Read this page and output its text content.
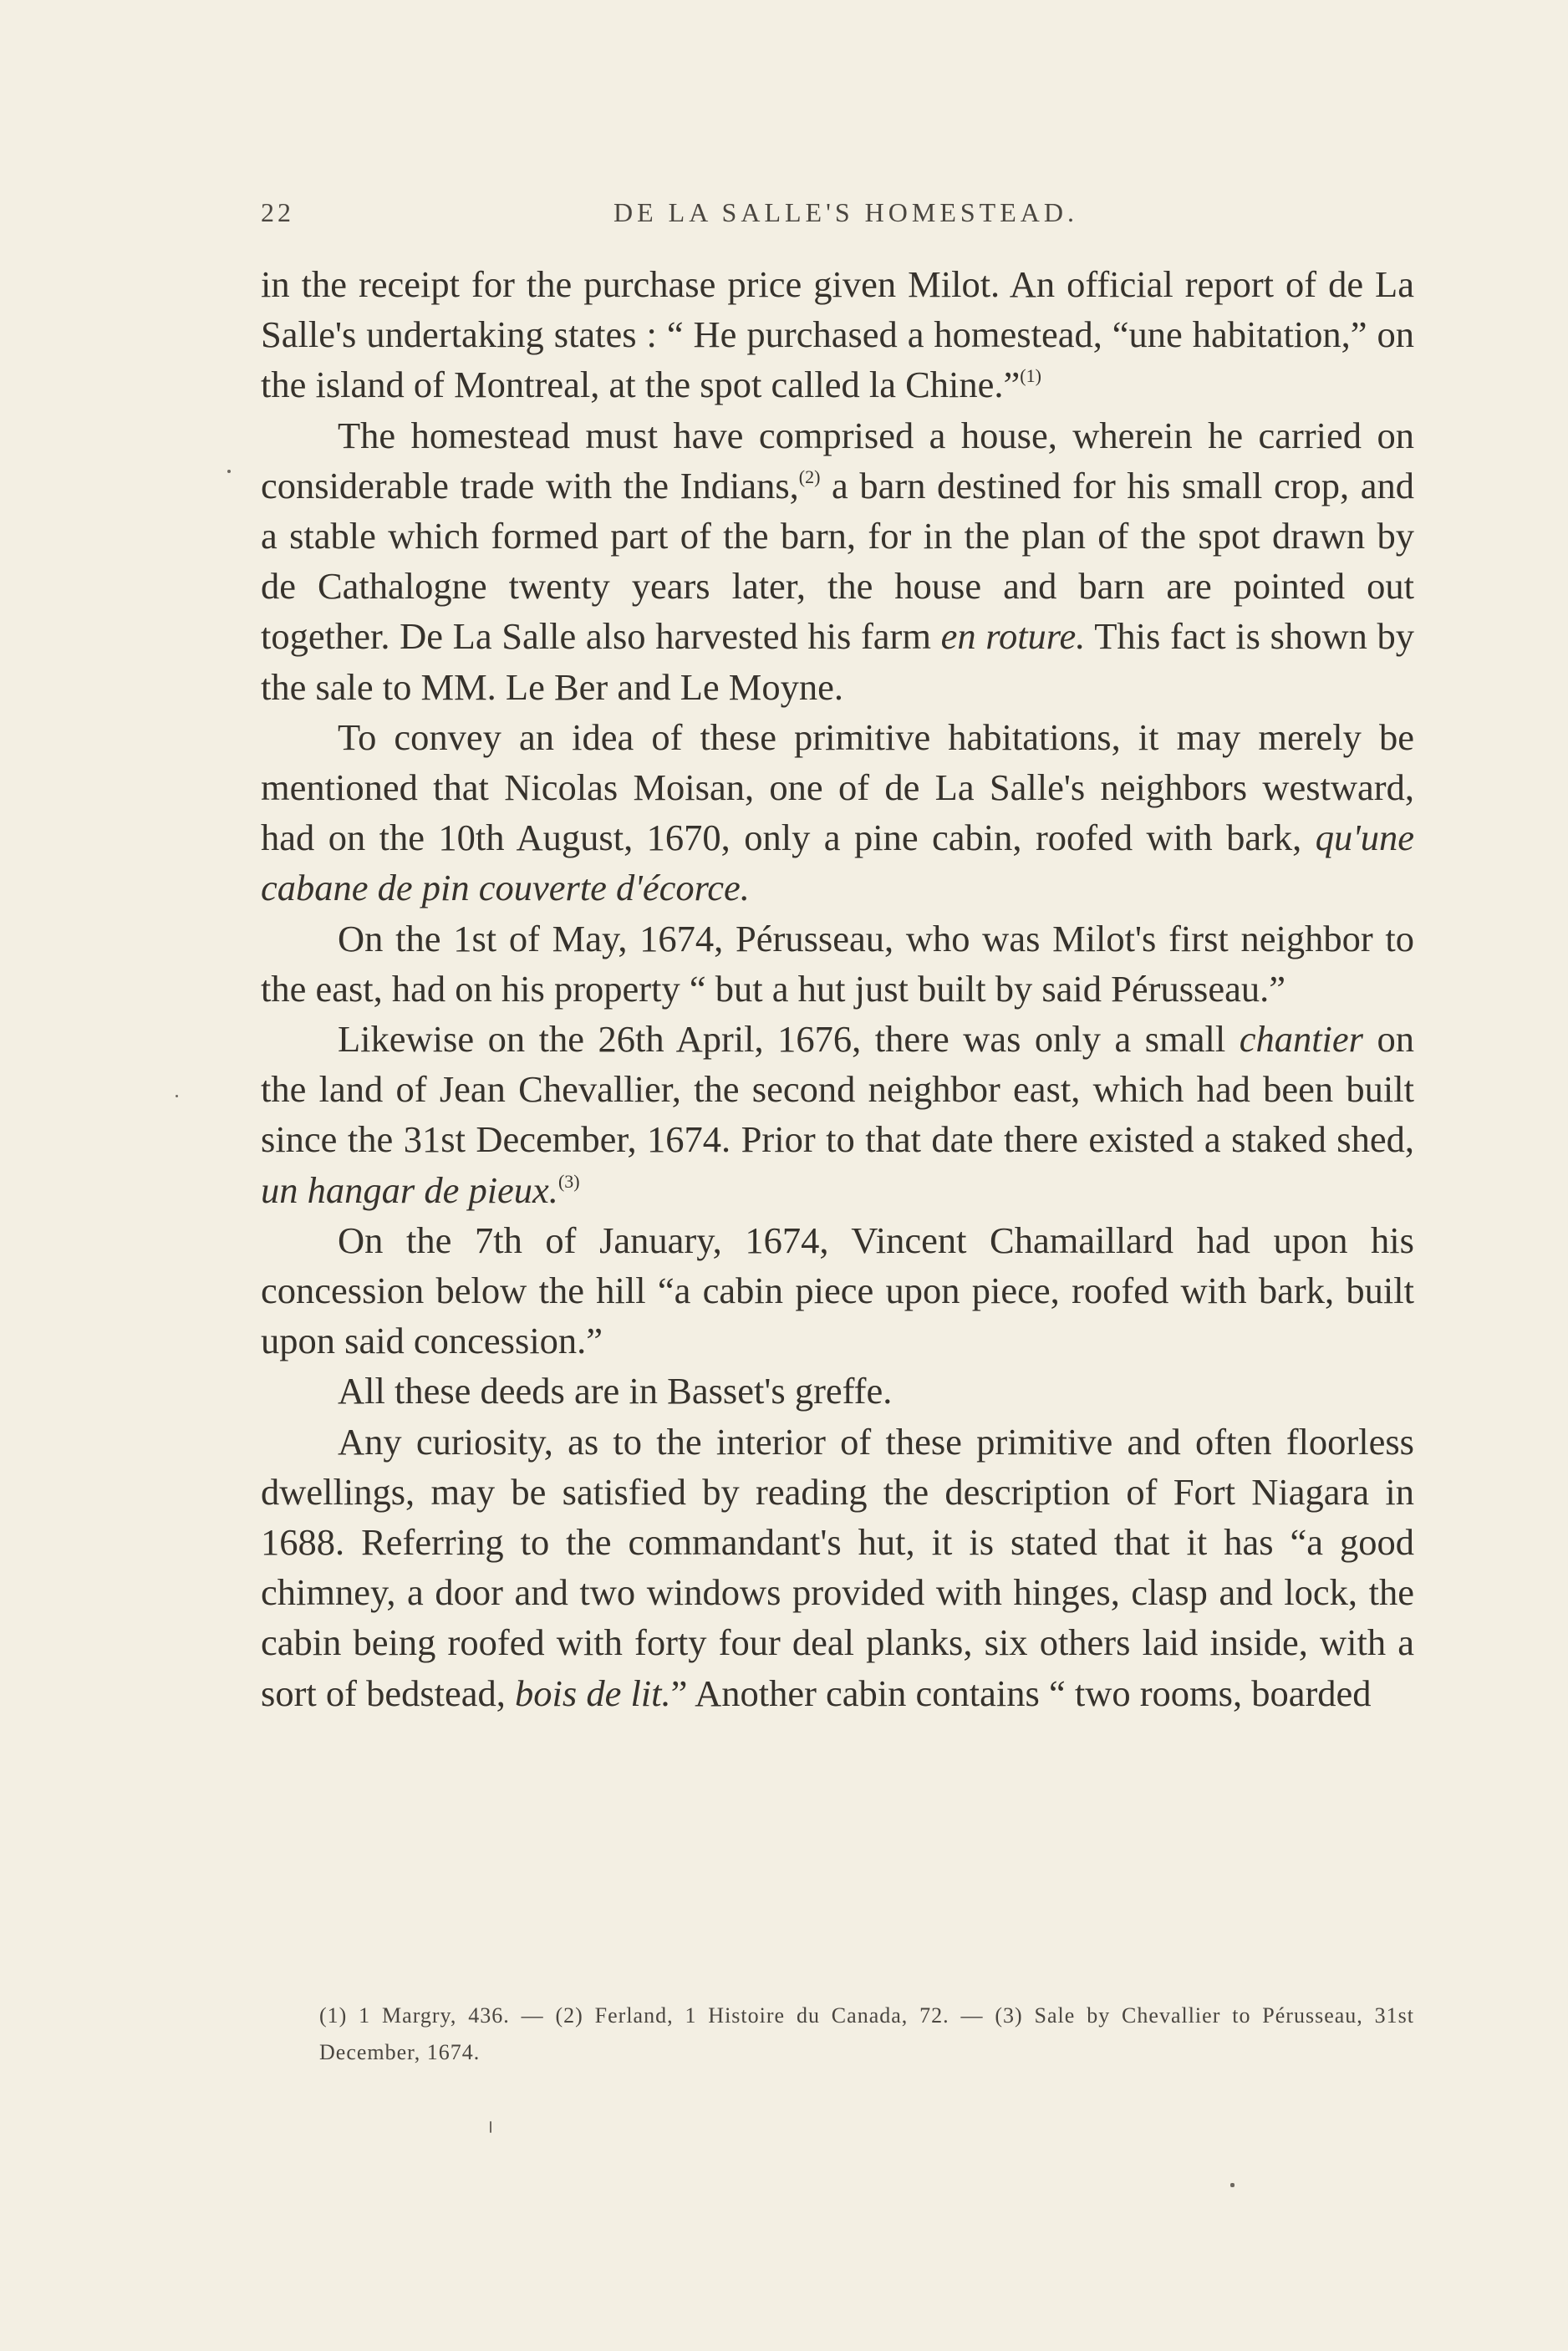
22	DE LA SALLE'S HOMESTEAD.

in the receipt for the purchase price given Milot. An official report of de La Salle's undertaking states : “ He purchased a homestead, “une habitation,” on the island of Montreal, at the spot called la Chine.”$^{(1)}$

The homestead must have comprised a house, wherein he carried on considerable trade with the Indians,$^{(2)}$ a barn destined for his small crop, and a stable which formed part of the barn, for in the plan of the spot drawn by de Cathalogne twenty years later, the house and barn are pointed out together. De La Salle also harvested his farm en roture. This fact is shown by the sale to MM. Le Ber and Le Moyne.

To convey an idea of these primitive habitations, it may merely be mentioned that Nicolas Moisan, one of de La Salle's neighbors westward, had on the 10th August, 1670, only a pine cabin, roofed with bark, qu'une cabane de pin couverte d'écorce.

On the 1st of May, 1674, Pérusseau, who was Milot's first neighbor to the east, had on his property “ but a hut just built by said Pérusseau.”

Likewise on the 26th April, 1676, there was only a small chantier on the land of Jean Chevallier, the second neighbor east, which had been built since the 31st December, 1674. Prior to that date there existed a staked shed, un hangar de pieux.$^{(3)}$

On the 7th of January, 1674, Vincent Chamaillard had upon his concession below the hill “a cabin piece upon piece, roofed with bark, built upon said concession.”

All these deeds are in Basset's greffe.

Any curiosity, as to the interior of these primitive and often floorless dwellings, may be satisfied by reading the description of Fort Niagara in 1688. Referring to the commandant's hut, it is stated that it has “a good chimney, a door and two windows provided with hinges, clasp and lock, the cabin being roofed with forty four deal planks, six others laid inside, with a sort of bedstead, bois de lit.” Another cabin contains “ two rooms, boarded

(1) 1 Margry, 436. — (2) Ferland, 1 Histoire du Canada, 72. — (3) Sale by Chevallier to Pérusseau, 31st December, 1674.
